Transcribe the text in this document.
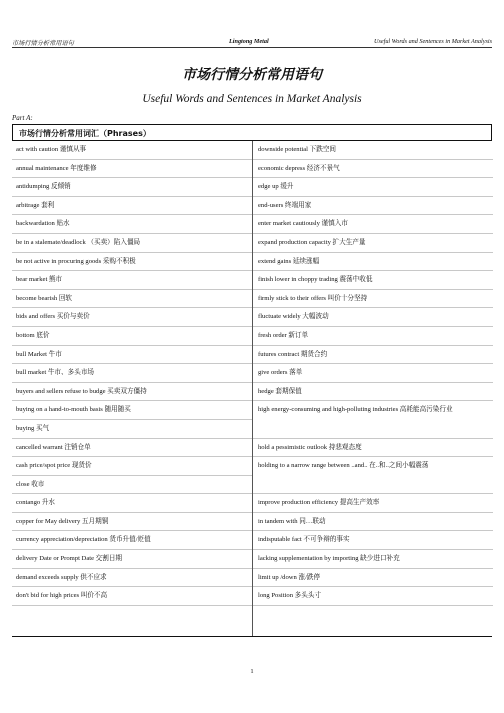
市场行情分析常用语句	Lingtong Metal	Useful Words and Sentences in Market Analysis
市场行情分析常用语句
Useful Words and Sentences in Market Analysis
Part A:
市场行情分析常用词汇（Phrases）
act with caution 谨慎从事
annual maintenance 年度维修
antidumping 反倾销
arbitrage 套利
backwardation 贴水
be in a stalemate/deadlock （买卖）陷入僵局
be not active in procuring goods 采购不积极
bear market 熊市
become bearish 回软
bids and offers 买价与卖价
bottom 底价
bull Market 牛市
bull market 牛市、多头市场
buyers and sellers refuse to budge 买卖双方僵持
buying on a hand-to-mouth basis 随用随买
buying 买气
cancelled warrant 注销仓单
cash price/spot price 现货价
close 收市
contango 升水
copper for May delivery 五月期铜
currency appreciation/depreciation 货币升值/贬值
delivery Date or Prompt Date 交割日期
demand exceeds supply 供不应求
don't bid for high prices 叫价不高
downside potential 下跌空间
economic depress 经济不景气
edge up 缓升
end-users 终端用家
enter market cautiously 谨慎入市
expand production capacity 扩大生产量
extend gains 延续涨幅
finish lower in choppy trading 震荡中收低
firmly stick to their offers 叫价十分坚持
fluctuate widely 大幅波动
fresh order 新订单
futures contract 期货合约
give orders 落单
hedge 套期保值
high energy-consuming and high-polluting industries 高耗能高污染行业
hold a pessimistic outlook 持悲观态度
holding to a narrow range between ..and.. 在..和..之间小幅震荡
improve production efficiency 提高生产效率
in tandem with 同…联动
indisputable fact 不可争辩的事实
lacking supplementation by importing 缺少进口补充
limit up /down 涨/跌停
long Position 多头头寸
1
